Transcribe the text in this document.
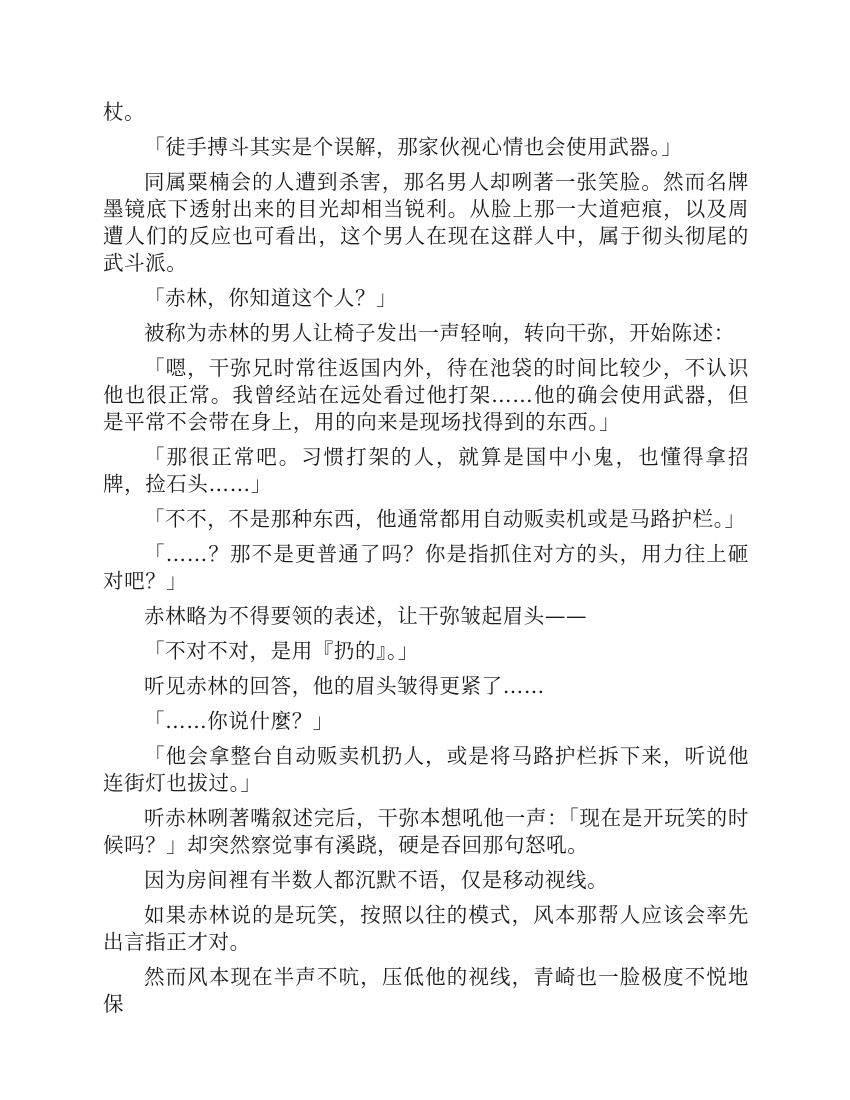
杖。

「徒手搏斗其实是个误解，那家伙视心情也会使用武器。」

同属粟楠会的人遭到杀害，那名男人却咧著一张笑脸。然而名牌墨镜底下透射出来的目光却相当锐利。从脸上那一大道疤痕，以及周遭人们的反应也可看出，这个男人在现在这群人中，属于彻头彻尾的武斗派。

「赤林，你知道这个人？」

被称为赤林的男人让椅子发出一声轻响，转向干弥，开始陈述：

「嗯，干弥兄时常往返国内外，待在池袋的时间比较少，不认识他也很正常。我曾经站在远处看过他打架……他的确会使用武器，但是平常不会带在身上，用的向来是现场找得到的东西。」

「那很正常吧。习惯打架的人，就算是国中小鬼，也懂得拿招牌，捡石头……」

「不不，不是那种东西，他通常都用自动贩卖机或是马路护栏。」

「……？那不是更普通了吗？你是指抓住对方的头，用力往上砸对吧？」

赤林略为不得要领的表述，让干弥皱起眉头——

「不对不对，是用『扔的』。」

听见赤林的回答，他的眉头皱得更紧了……

「……你说什麼？」

「他会拿整台自动贩卖机扔人，或是将马路护栏拆下来，听说他连街灯也拔过。」

听赤林咧著嘴叙述完后，干弥本想吼他一声：「现在是开玩笑的时候吗？」却突然察觉事有溪跷，硬是吞回那句怒吼。

因为房间裡有半数人都沉默不语，仅是移动视线。

如果赤林说的是玩笑，按照以往的模式，风本那帮人应该会率先出言指正才对。

然而风本现在半声不吭，压低他的视线，青崎也一脸极度不悦地保
